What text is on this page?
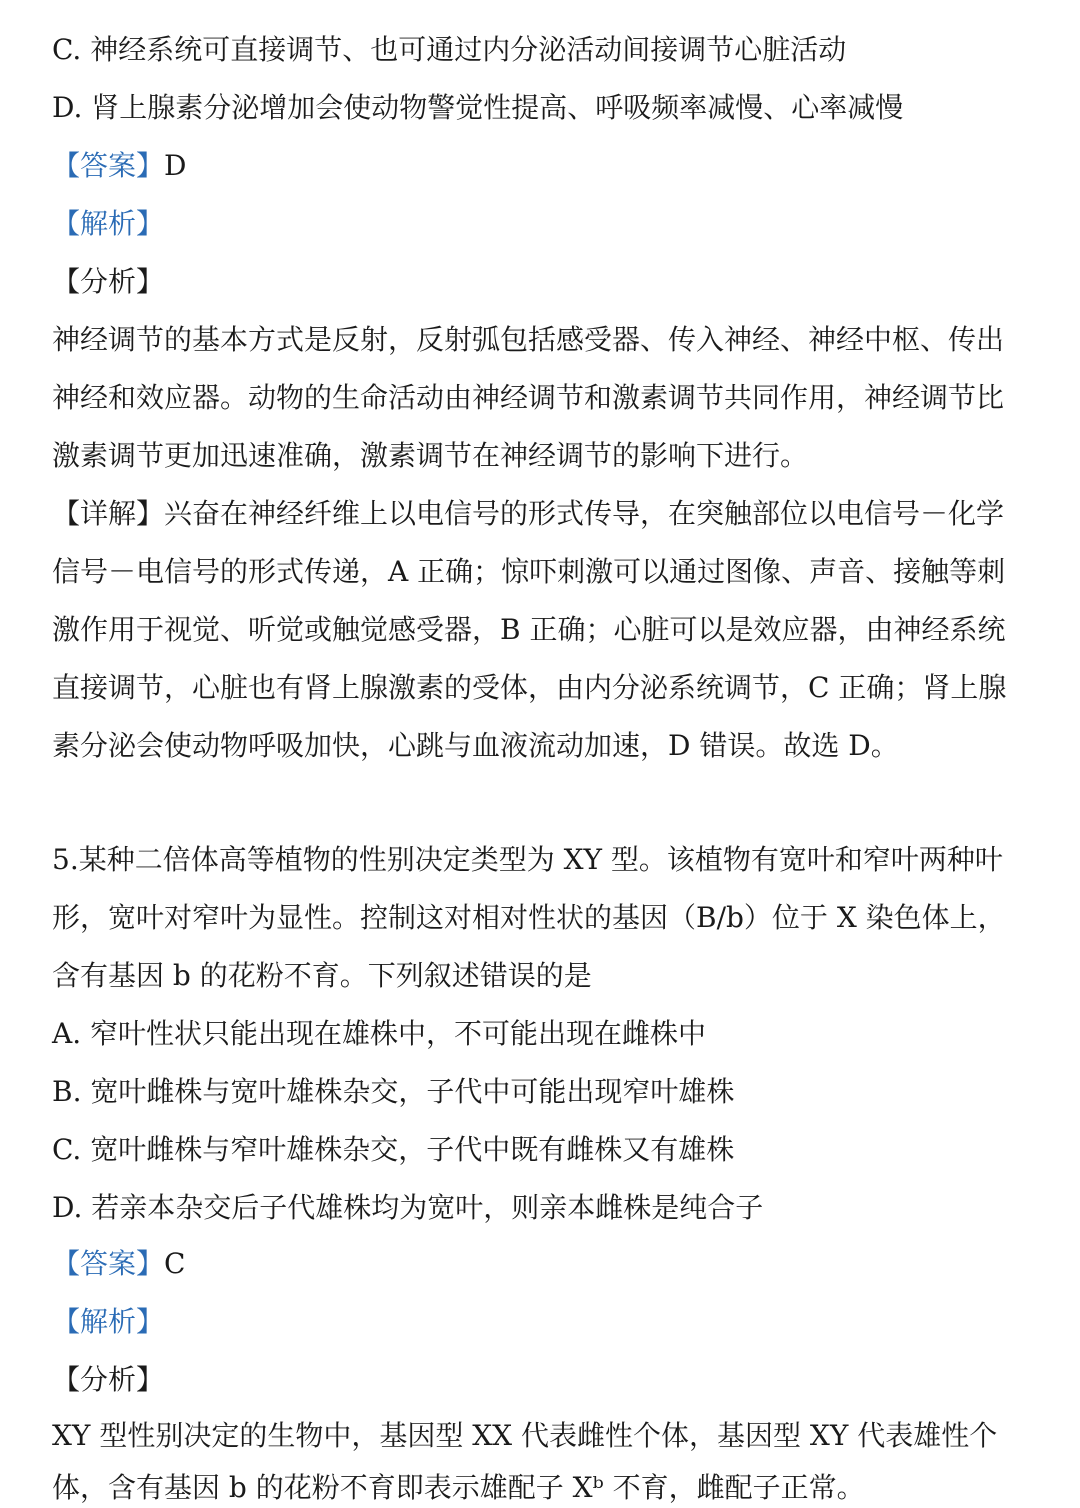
C. 神经系统可直接调节、也可通过内分泌活动间接调节心脏活动
D. 肾上腺素分泌增加会使动物警觉性提高、呼吸频率减慢、心率减慢
【答案】D
【解析】
【分析】
神经调节的基本方式是反射，反射弧包括感受器、传入神经、神经中枢、传出
神经和效应器。动物的生命活动由神经调节和激素调节共同作用，神经调节比
激素调节更加迅速准确，激素调节在神经调节的影响下进行。
【详解】兴奋在神经纤维上以电信号的形式传导，在突触部位以电信号－化学
信号－电信号的形式传递，A 正确；惊吓刺激可以通过图像、声音、接触等刺
激作用于视觉、听觉或触觉感受器，B 正确；心脏可以是效应器，由神经系统
直接调节，心脏也有肾上腺激素的受体，由内分泌系统调节，C 正确；肾上腺
素分泌会使动物呼吸加快，心跳与血液流动加速，D 错误。故选 D。
5.某种二倍体高等植物的性别决定类型为 XY 型。该植物有宽叶和窄叶两种叶
形，宽叶对窄叶为显性。控制这对相对性状的基因（B/b）位于 X 染色体上，
含有基因 b 的花粉不育。下列叙述错误的是
A. 窄叶性状只能出现在雄株中，不可能出现在雌株中
B. 宽叶雌株与宽叶雄株杂交，子代中可能出现窄叶雄株
C. 宽叶雌株与窄叶雄株杂交，子代中既有雌株又有雄株
D. 若亲本杂交后子代雄株均为宽叶，则亲本雌株是纯合子
【答案】C
【解析】
【分析】
XY 型性别决定的生物中，基因型 XX 代表雌性个体，基因型 XY 代表雄性个
体，含有基因 b 的花粉不育即表示雄配子 Xᵇ 不育，雌配子正常。
